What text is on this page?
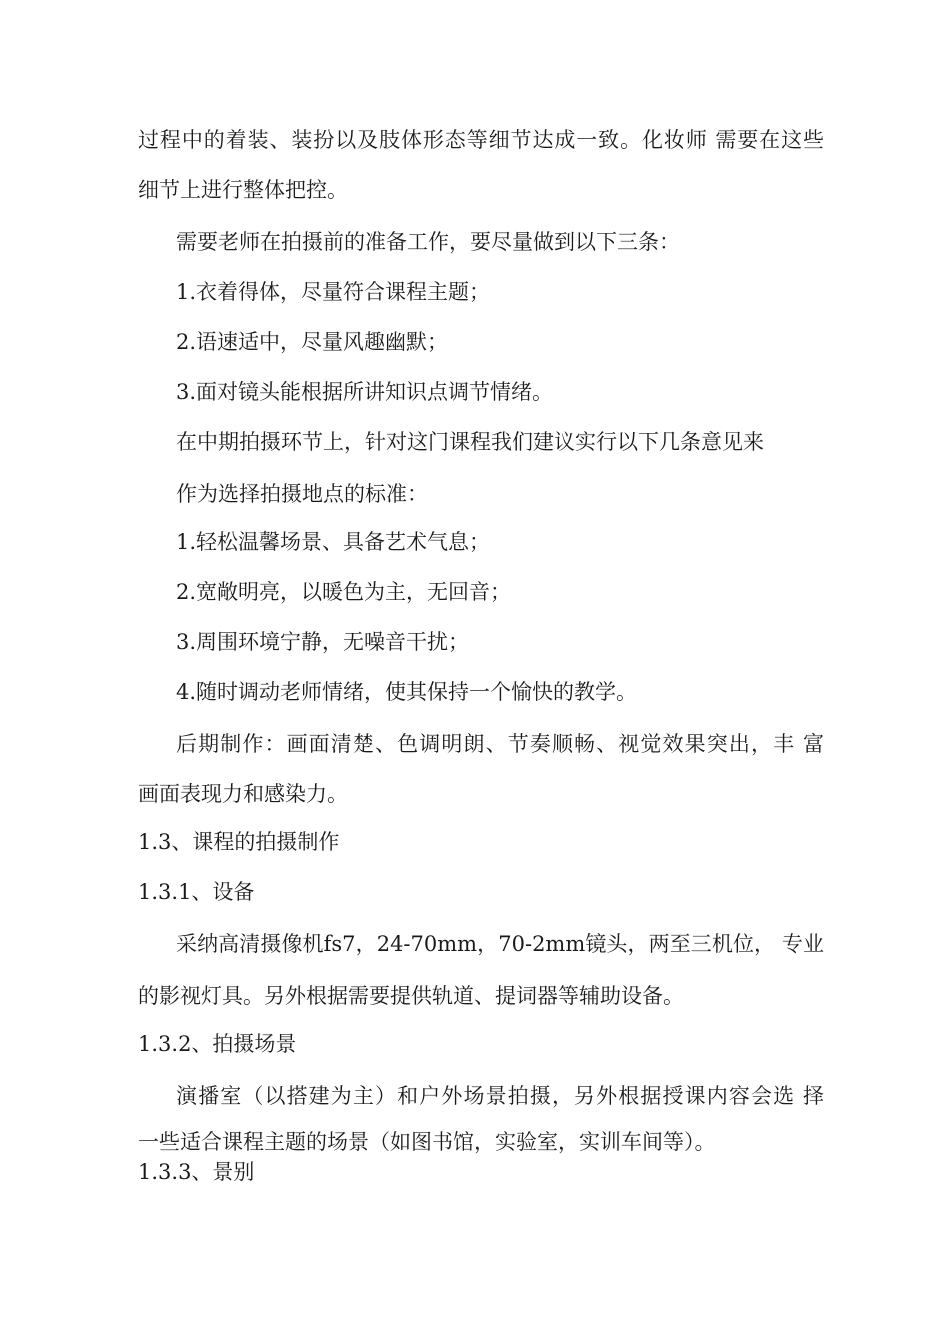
过程中的着装、装扮以及肢体形态等细节达成一致。化妆师 需要在这些
细节上进行整体把控。
需要老师在拍摄前的准备工作，要尽量做到以下三条：
1.衣着得体，尽量符合课程主题；
2.语速适中，尽量风趣幽默；
3.面对镜头能根据所讲知识点调节情绪。
在中期拍摄环节上，针对这门课程我们建议实行以下几条意见来
作为选择拍摄地点的标准：
1.轻松温馨场景、具备艺术气息；
2.宽敞明亮，以暖色为主，无回音；
3.周围环境宁静，无噪音干扰；
4.随时调动老师情绪，使其保持一个愉快的教学。
后期制作：画面清楚、色调明朗、节奏顺畅、视觉效果突出，丰 富
画面表现力和感染力。
1.3、课程的拍摄制作
1.3.1、设备
采纳高清摄像机fs7，24-70mm，70-2mm镜头，两至三机位， 专业
的影视灯具。另外根据需要提供轨道、提词器等辅助设备。
1.3.2、拍摄场景
演播室（以搭建为主）和户外场景拍摄，另外根据授课内容会选 择
一些适合课程主题的场景（如图书馆，实验室，实训车间等）。
1.3.3、景别
